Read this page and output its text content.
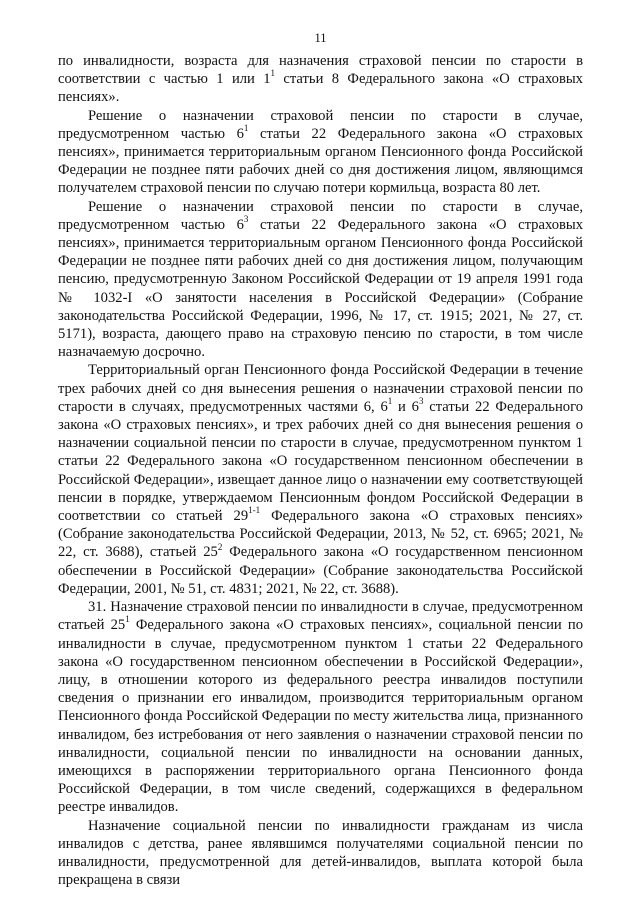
11

по инвалидности, возраста для назначения страховой пенсии по старости в соответствии с частью 1 или $1^1$ статьи 8 Федерального закона «О страховых пенсиях».

Решение о назначении страховой пенсии по старости в случае, предусмотренном частью $6^1$ статьи 22 Федерального закона «О страховых пенсиях», принимается территориальным органом Пенсионного фонда Российской Федерации не позднее пяти рабочих дней со дня достижения лицом, являющимся получателем страховой пенсии по случаю потери кормильца, возраста 80 лет.

Решение о назначении страховой пенсии по старости в случае, предусмотренном частью $6^3$ статьи 22 Федерального закона «О страховых пенсиях», принимается территориальным органом Пенсионного фонда Российской Федерации не позднее пяти рабочих дней со дня достижения лицом, получающим пенсию, предусмотренную Законом Российской Федерации от 19 апреля 1991 года № 1032-I «О занятости населения в Российской Федерации» (Собрание законодательства Российской Федерации, 1996, № 17, ст. 1915; 2021, № 27, ст. 5171), возраста, дающего право на страховую пенсию по старости, в том числе назначаемую досрочно.

Территориальный орган Пенсионного фонда Российской Федерации в течение трех рабочих дней со дня вынесения решения о назначении страховой пенсии по старости в случаях, предусмотренных частями 6, $6^1$ и $6^3$ статьи 22 Федерального закона «О страховых пенсиях», и трех рабочих дней со дня вынесения решения о назначении социальной пенсии по старости в случае, предусмотренном пунктом 1 статьи 22 Федерального закона «О государственном пенсионном обеспечении в Российской Федерации», извещает данное лицо о назначении ему соответствующей пенсии в порядке, утверждаемом Пенсионным фондом Российской Федерации в соответствии со статьей 29$^{1-1}$ Федерального закона «О страховых пенсиях» (Собрание законодательства Российской Федерации, 2013, № 52, ст. 6965; 2021, № 22, ст. 3688), статьей $25^2$ Федерального закона «О государственном пенсионном обеспечении в Российской Федерации» (Собрание законодательства Российской Федерации, 2001, № 51, ст. 4831; 2021, № 22, ст. 3688).

31. Назначение страховой пенсии по инвалидности в случае, предусмотренном статьей $25^1$ Федерального закона «О страховых пенсиях», социальной пенсии по инвалидности в случае, предусмотренном пунктом 1 статьи 22 Федерального закона «О государственном пенсионном обеспечении в Российской Федерации», лицу, в отношении которого из федерального реестра инвалидов поступили сведения о признании его инвалидом, производится территориальным органом Пенсионного фонда Российской Федерации по месту жительства лица, признанного инвалидом, без истребования от него заявления о назначении страховой пенсии по инвалидности, социальной пенсии по инвалидности на основании данных, имеющихся в распоряжении территориального органа Пенсионного фонда Российской Федерации, в том числе сведений, содержащихся в федеральном реестре инвалидов.

Назначение социальной пенсии по инвалидности гражданам из числа инвалидов с детства, ранее являвшимся получателями социальной пенсии по инвалидности, предусмотренной для детей-инвалидов, выплата которой была прекращена в связи
